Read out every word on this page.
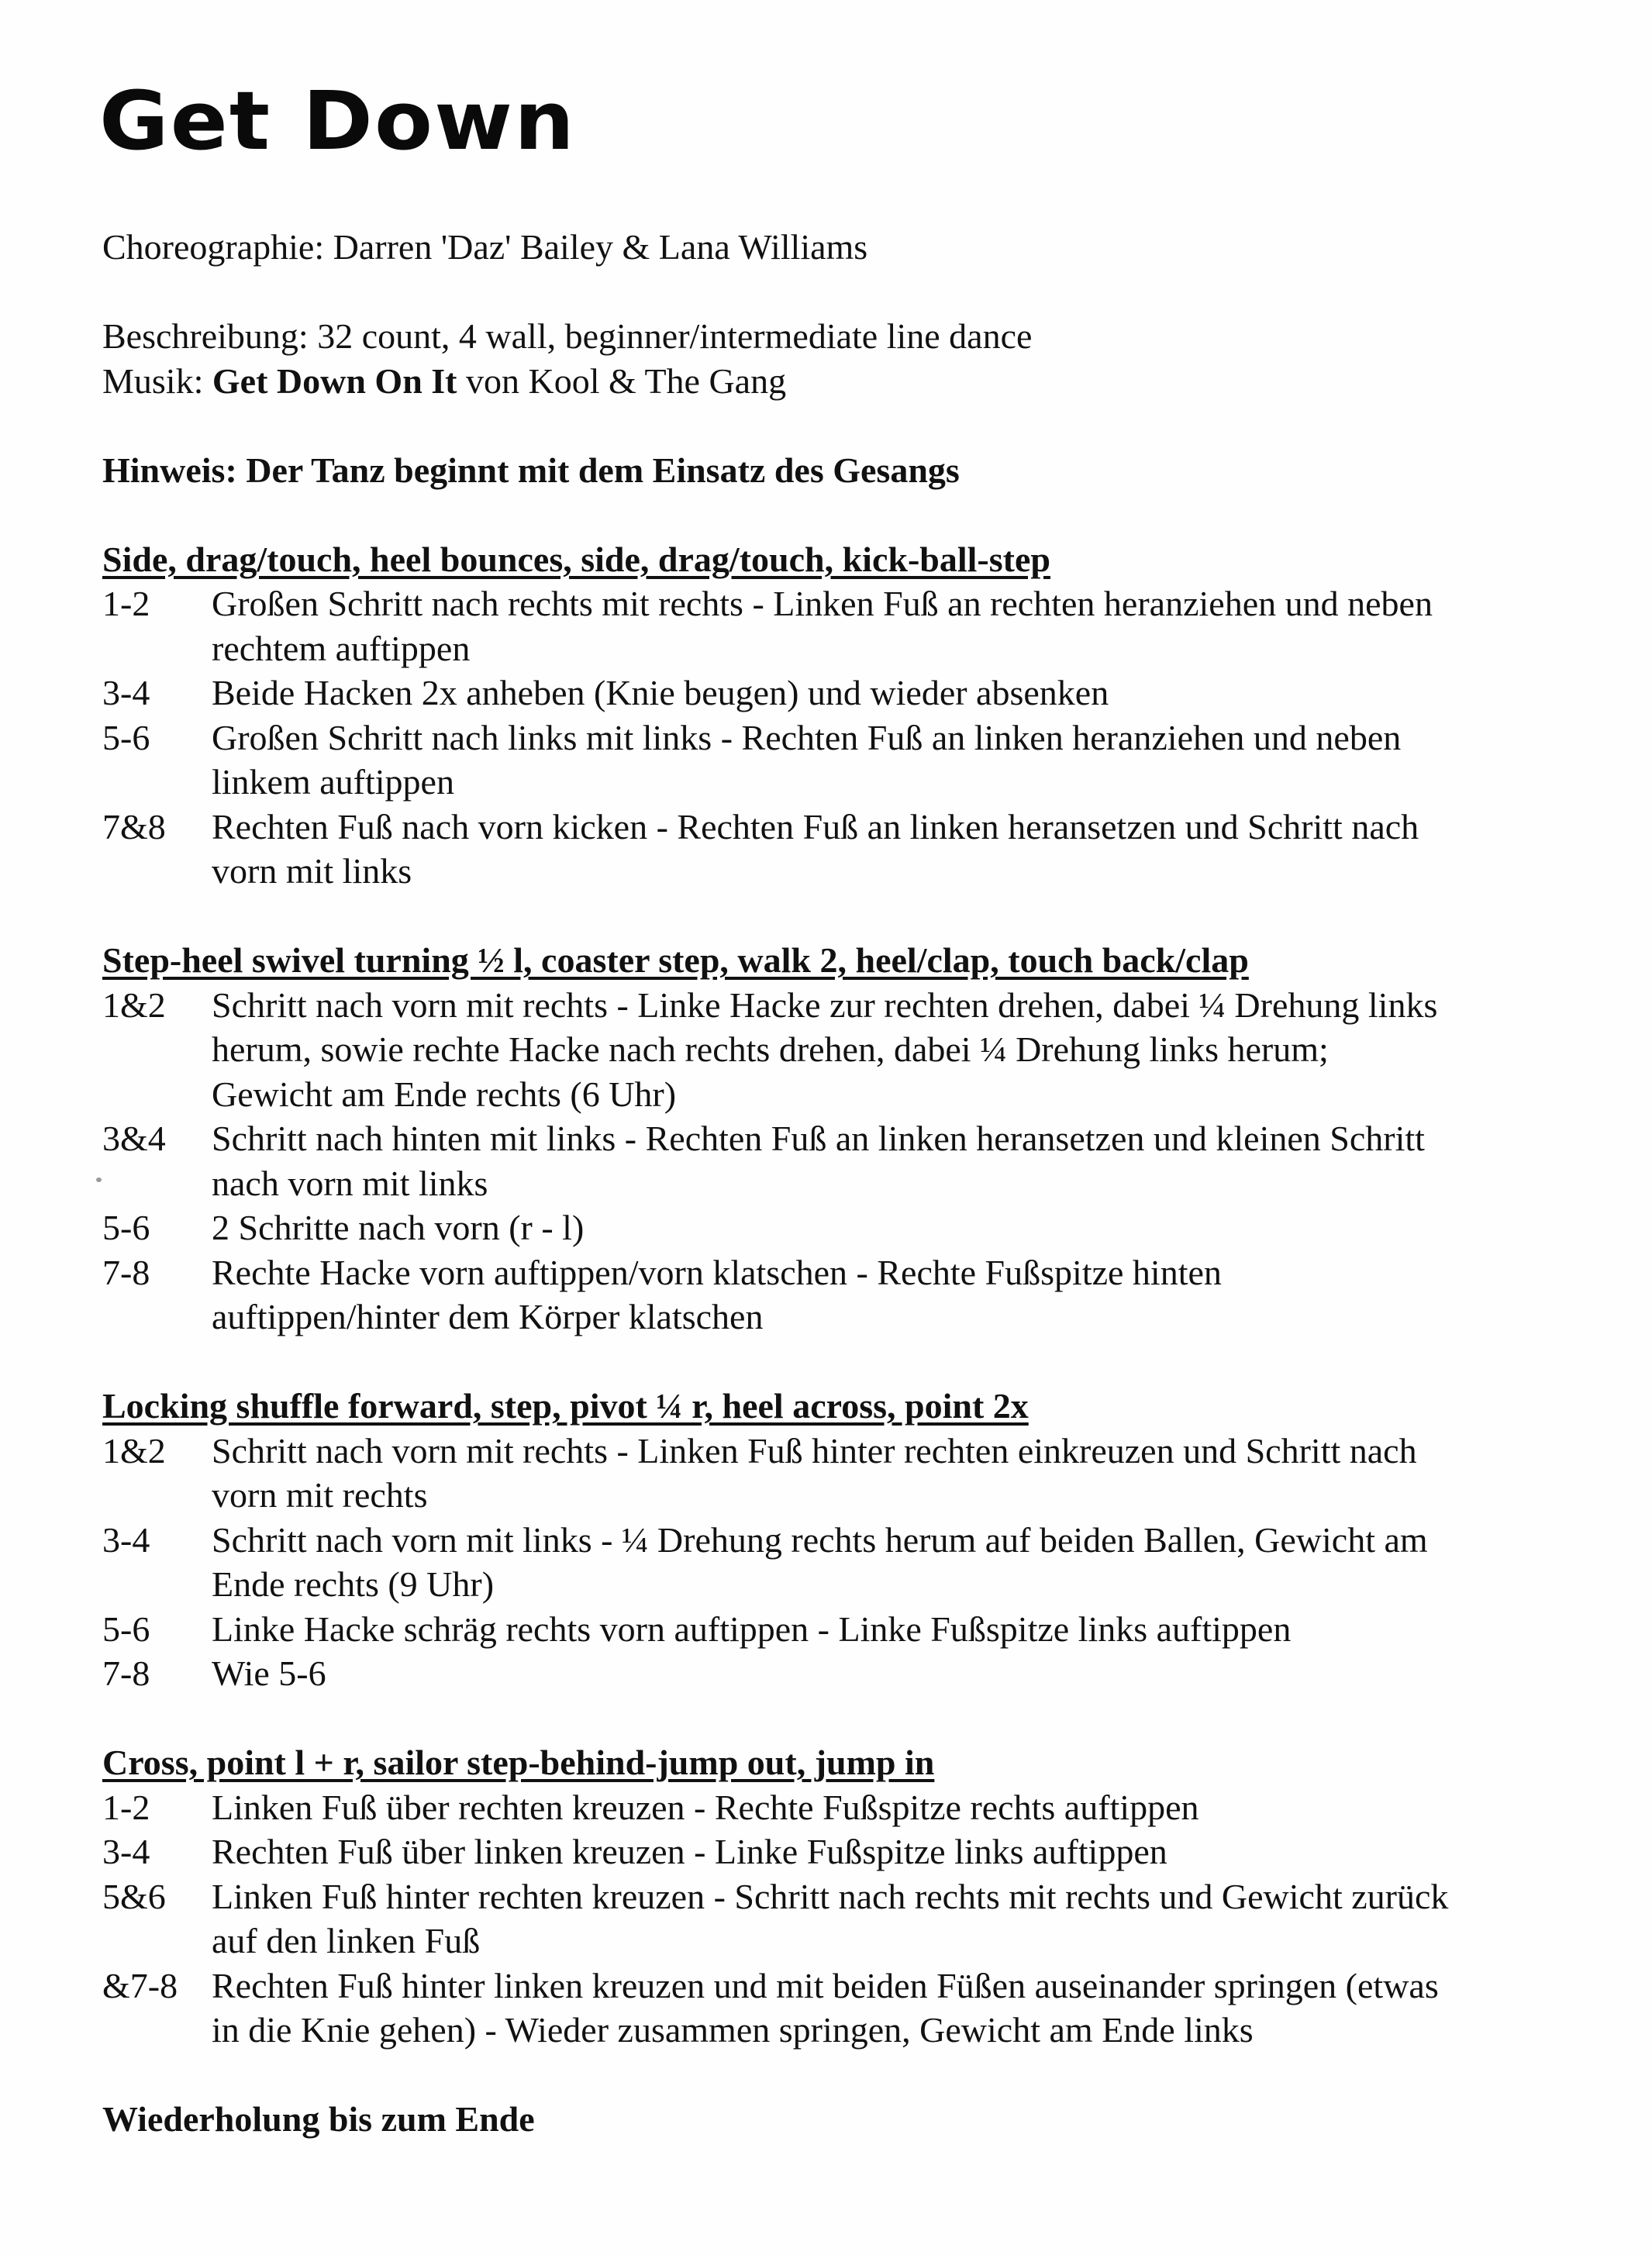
Get Down
Choreographie: Darren 'Daz' Bailey & Lana Williams
Beschreibung: 32 count, 4 wall, beginner/intermediate line dance
Musik: Get Down On It von Kool & The Gang
Hinweis: Der Tanz beginnt mit dem Einsatz des Gesangs
Side, drag/touch, heel bounces, side, drag/touch, kick-ball-step
1-2 Großen Schritt nach rechts mit rechts - Linken Fuß an rechten heranziehen und neben
rechtem auftippen
3-4 Beide Hacken 2x anheben (Knie beugen) und wieder absenken
5-6 Großen Schritt nach links mit links - Rechten Fuß an linken heranziehen und neben
linkem auftippen
7&8 Rechten Fuß nach vorn kicken - Rechten Fuß an linken heransetzen und Schritt nach
vorn mit links
Step-heel swivel turning ½ l, coaster step, walk 2, heel/clap, touch back/clap
1&2 Schritt nach vorn mit rechts - Linke Hacke zur rechten drehen, dabei ¼ Drehung links
herum, sowie rechte Hacke nach rechts drehen, dabei ¼ Drehung links herum;
Gewicht am Ende rechts (6 Uhr)
3&4 Schritt nach hinten mit links - Rechten Fuß an linken heransetzen und kleinen Schritt
nach vorn mit links
5-6 2 Schritte nach vorn (r - l)
7-8 Rechte Hacke vorn auftippen/vorn klatschen - Rechte Fußspitze hinten
auftippen/hinter dem Körper klatschen
Locking shuffle forward, step, pivot ¼ r, heel across, point 2x
1&2 Schritt nach vorn mit rechts - Linken Fuß hinter rechten einkreuzen und Schritt nach
vorn mit rechts
3-4 Schritt nach vorn mit links - ¼ Drehung rechts herum auf beiden Ballen, Gewicht am
Ende rechts (9 Uhr)
5-6 Linke Hacke schräg rechts vorn auftippen - Linke Fußspitze links auftippen
7-8 Wie 5-6
Cross, point l + r, sailor step-behind-jump out, jump in
1-2 Linken Fuß über rechten kreuzen - Rechte Fußspitze rechts auftippen
3-4 Rechten Fuß über linken kreuzen - Linke Fußspitze links auftippen
5&6 Linken Fuß hinter rechten kreuzen - Schritt nach rechts mit rechts und Gewicht zurück
auf den linken Fuß
&7-8 Rechten Fuß hinter linken kreuzen und mit beiden Füßen auseinander springen (etwas
in die Knie gehen) - Wieder zusammen springen, Gewicht am Ende links
Wiederholung bis zum Ende
